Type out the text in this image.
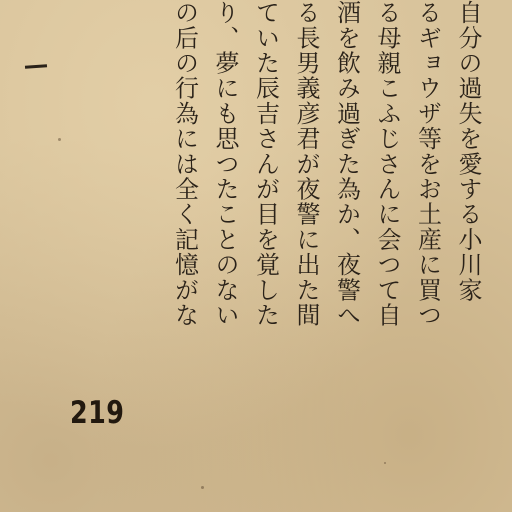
自分の過失を愛する小川家
るギョウザ等をお土産に買つ
る母親こふじさんに会つて自
酒を飲み過ぎた為か、夜警へ
る長男義彦君が夜警に出た間
ていた辰吉さんが目を覚した
り、夢にも思つたことのない
の后の行為には全く記憶がな
219
